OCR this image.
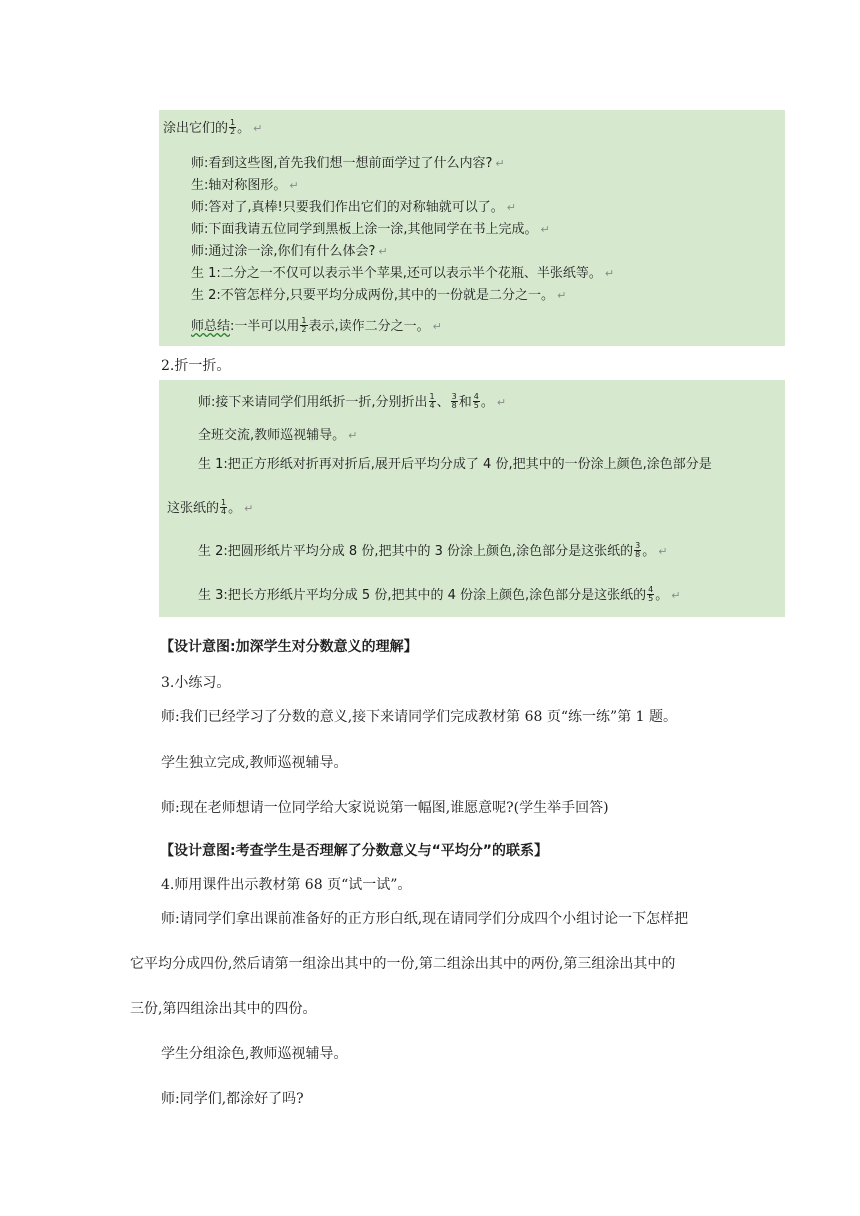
涂出它们的 $\frac{1}{2}$ 。 ↵
师:看到这些图,首先我们想一想前面学过了什么内容? ↵
生:轴对称图形。 ↵
师:答对了,真棒!只要我们作出它们的对称轴就可以了。 ↵
师:下面我请五位同学到黑板上涂一涂,其他同学在书上完成。 ↵
师:通过涂一涂,你们有什么体会? ↵
生 1:二分之一不仅可以表示半个苹果,还可以表示半个花瓶、半张纸等。 ↵
生 2:不管怎样分,只要平均分成两份,其中的一份就是二分之一。 ↵
师总结:一半可以用 $\frac{1}{2}$ 表示,读作二分之一。 ↵
2.折一折。
师:接下来请同学们用纸折一折,分别折出 $\frac{1}{4}$ 、 $\frac{3}{8}$ 和 $\frac{4}{5}$ 。 ↵
全班交流,教师巡视辅导。 ↵
生 1:把正方形纸对折再对折后,展开后平均分成了 4 份,把其中的一份涂上颜色,涂色部分是
这张纸的 $\frac{1}{4}$ 。 ↵
生 2:把圆形纸片平均分成 8 份,把其中的 3 份涂上颜色,涂色部分是这张纸的 $\frac{3}{8}$ 。 ↵
生 3:把长方形纸片平均分成 5 份,把其中的 4 份涂上颜色,涂色部分是这张纸的 $\frac{4}{5}$ 。 ↵
【设计意图:加深学生对分数意义的理解】
3.小练习。
师:我们已经学习了分数的意义,接下来请同学们完成教材第 68 页“练一练”第 1 题。
学生独立完成,教师巡视辅导。
师:现在老师想请一位同学给大家说说第一幅图,谁愿意呢?(学生举手回答)
【设计意图:考查学生是否理解了分数意义与“平均分”的联系】
4.师用课件出示教材第 68 页“试一试”。
师:请同学们拿出课前准备好的正方形白纸,现在请同学们分成四个小组讨论一下怎样把
它平均分成四份,然后请第一组涂出其中的一份,第二组涂出其中的两份,第三组涂出其中的
三份,第四组涂出其中的四份。
学生分组涂色,教师巡视辅导。
师:同学们,都涂好了吗?
